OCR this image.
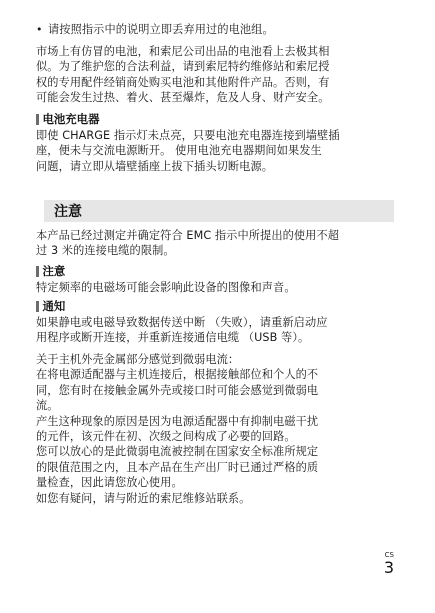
• 请按照指示中的说明立即丢弃用过的电池组。
市场上有仿冒的电池，和索尼公司出品的电池看上去极其相
似。为了维护您的合法利益，请到索尼特约维修站和索尼授
权的专用配件经销商处购买电池和其他附件产品。否则，有
可能会发生过热、着火、甚至爆炸，危及人身、财产安全。
电池充电器
即使 CHARGE 指示灯未点亮，只要电池充电器连接到墙壁插
座，便未与交流电源断开。 使用电池充电器期间如果发生
问题，请立即从墙壁插座上拔下插头切断电源。
注意
本产品已经过测定并确定符合 EMC 指示中所提出的使用不超
过 3 米的连接电缆的限制。
注意
特定频率的电磁场可能会影响此设备的图像和声音。
通知
如果静电或电磁导致数据传送中断 （失败），请重新启动应
用程序或断开连接，并重新连接通信电缆 （USB 等）。
关于主机外壳金属部分感觉到微弱电流：
在将电源适配器与主机连接后，根据接触部位和个人的不
同，您有时在接触金属外壳或接口时可能会感觉到微弱电
流。
产生这种现象的原因是因为电源适配器中有抑制电磁干扰
的元件，该元件在初、次级之间构成了必要的回路。
您可以放心的是此微弱电流被控制在国家安全标准所规定
的限值范围之内，且本产品在生产出厂时已通过严格的质
量检查，因此请您放心使用。
如您有疑问，请与附近的索尼维修站联系。
CS
3
